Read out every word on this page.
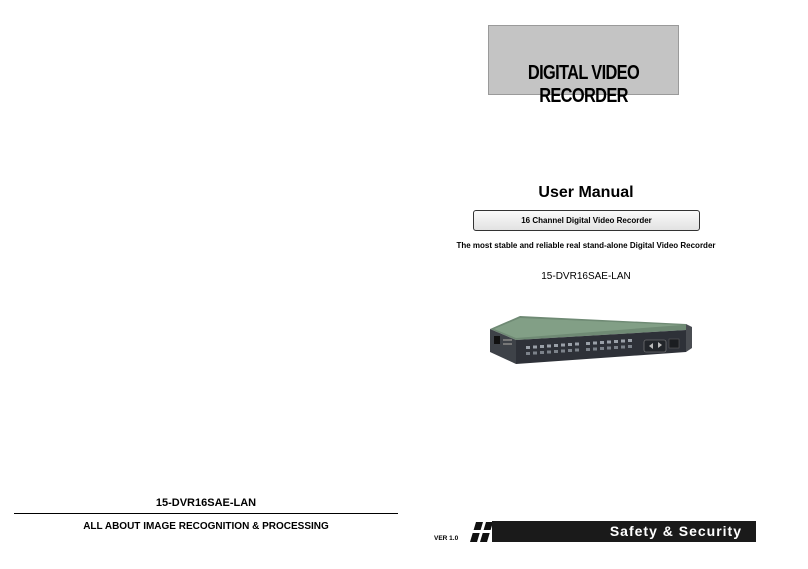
15-DVR16SAE-LAN
ALL ABOUT IMAGE RECOGNITION & PROCESSING
DIGITAL VIDEO RECORDER
User Manual
16 Channel Digital Video Recorder
The most stable and reliable real stand-alone Digital Video Recorder
15-DVR16SAE-LAN
VER 1.0	Safety & Security
